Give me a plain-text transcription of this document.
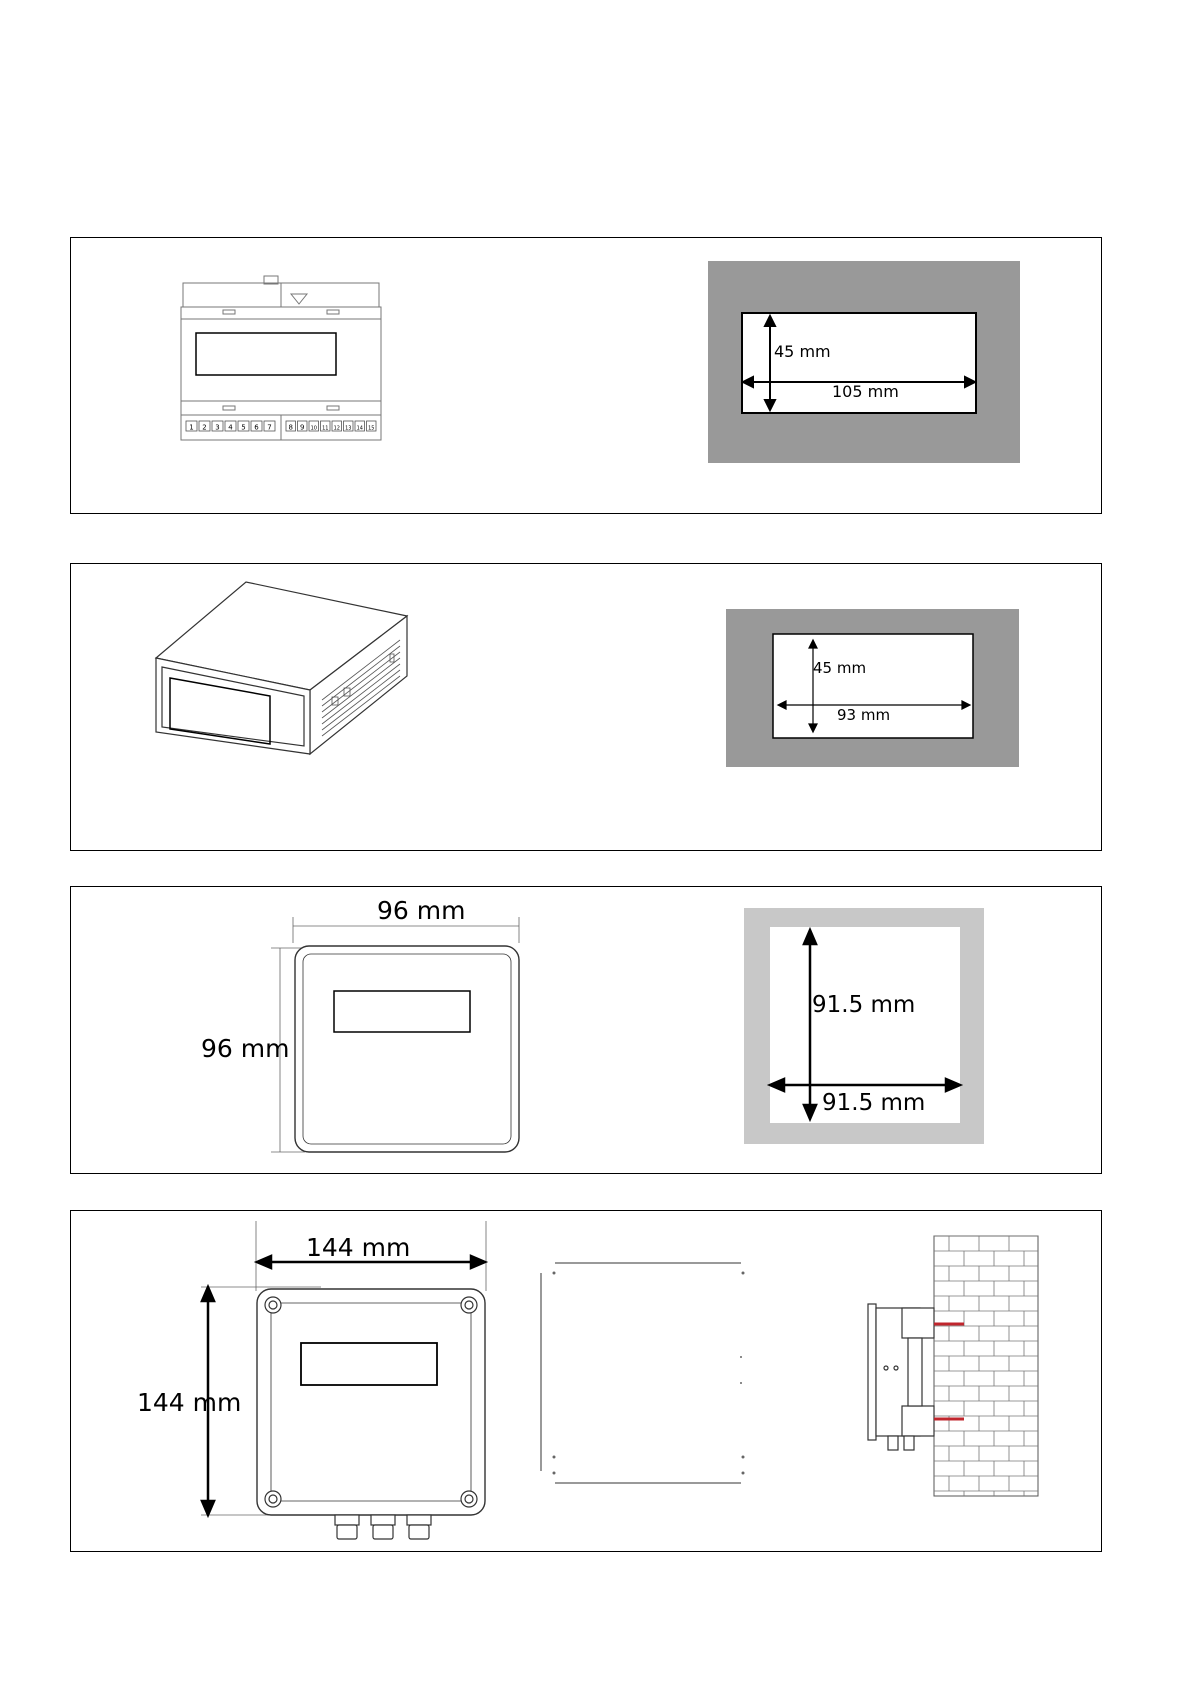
1 2 3 4 5 6 7 8 9 10 11 12 13 14 15
45 mm
105 mm
45 mm
93 mm
96 mm
96 mm
91.5 mm
91.5 mm
144 mm
144 mm
